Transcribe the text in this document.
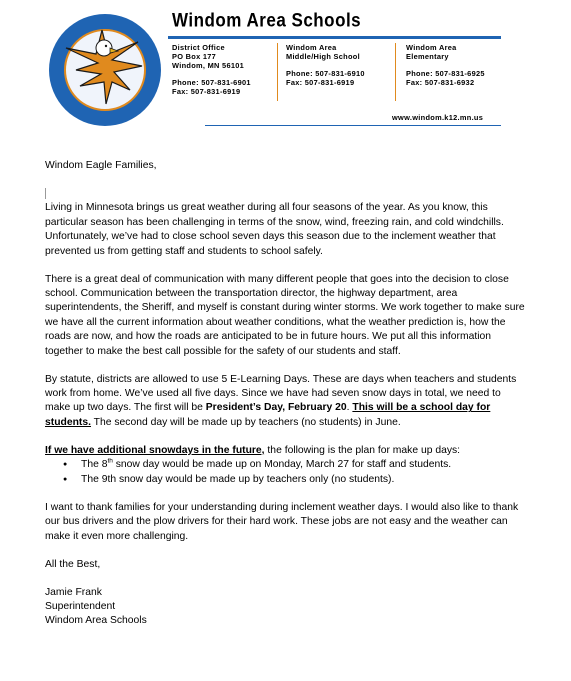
Windom Area Schools
District Office
PO Box 177
Windom, MN 56101
Phone: 507-831-6901
Fax: 507-831-6919
Windom Area
Middle/High School
Phone: 507-831-6910
Fax: 507-831-6919
Windom Area
Elementary
Phone: 507-831-6925
Fax: 507-831-6932
www.windom.k12.mn.us

Windom Eagle Families,

Living in Minnesota brings us great weather during all four seasons of the year. As you know, this particular season has been challenging in terms of the snow, wind, freezing rain, and cold windchills. Unfortunately, we’ve had to close school seven days this season due to the inclement weather that prevented us from getting staff and students to school safely.

There is a great deal of communication with many different people that goes into the decision to close school. Communication between the transportation director, the highway department, area superintendents, the Sheriff, and myself is constant during winter storms. We work together to make sure we have all the current information about weather conditions, what the weather prediction is, how the roads are now, and how the roads are anticipated to be in future hours. We put all this information together to make the best call possible for the safety of our students and staff.

By statute, districts are allowed to use 5 E-Learning Days. These are days when teachers and students work from home. We’ve used all five days. Since we have had seven snow days in total, we need to make up two days. The first will be President’s Day, February 20. This will be a school day for students. The second day will be made up by teachers (no students) in June.

If we have additional snowdays in the future, the following is the plan for make up days:

● The 8th snow day would be made up on Monday, March 27 for staff and students.
● The 9th snow day would be made up by teachers only (no students).

I want to thank families for your understanding during inclement weather days. I would also like to thank our bus drivers and the plow drivers for their hard work. These jobs are not easy and the weather can make it even more challenging.

All the Best,

Jamie Frank
Superintendent
Windom Area Schools
